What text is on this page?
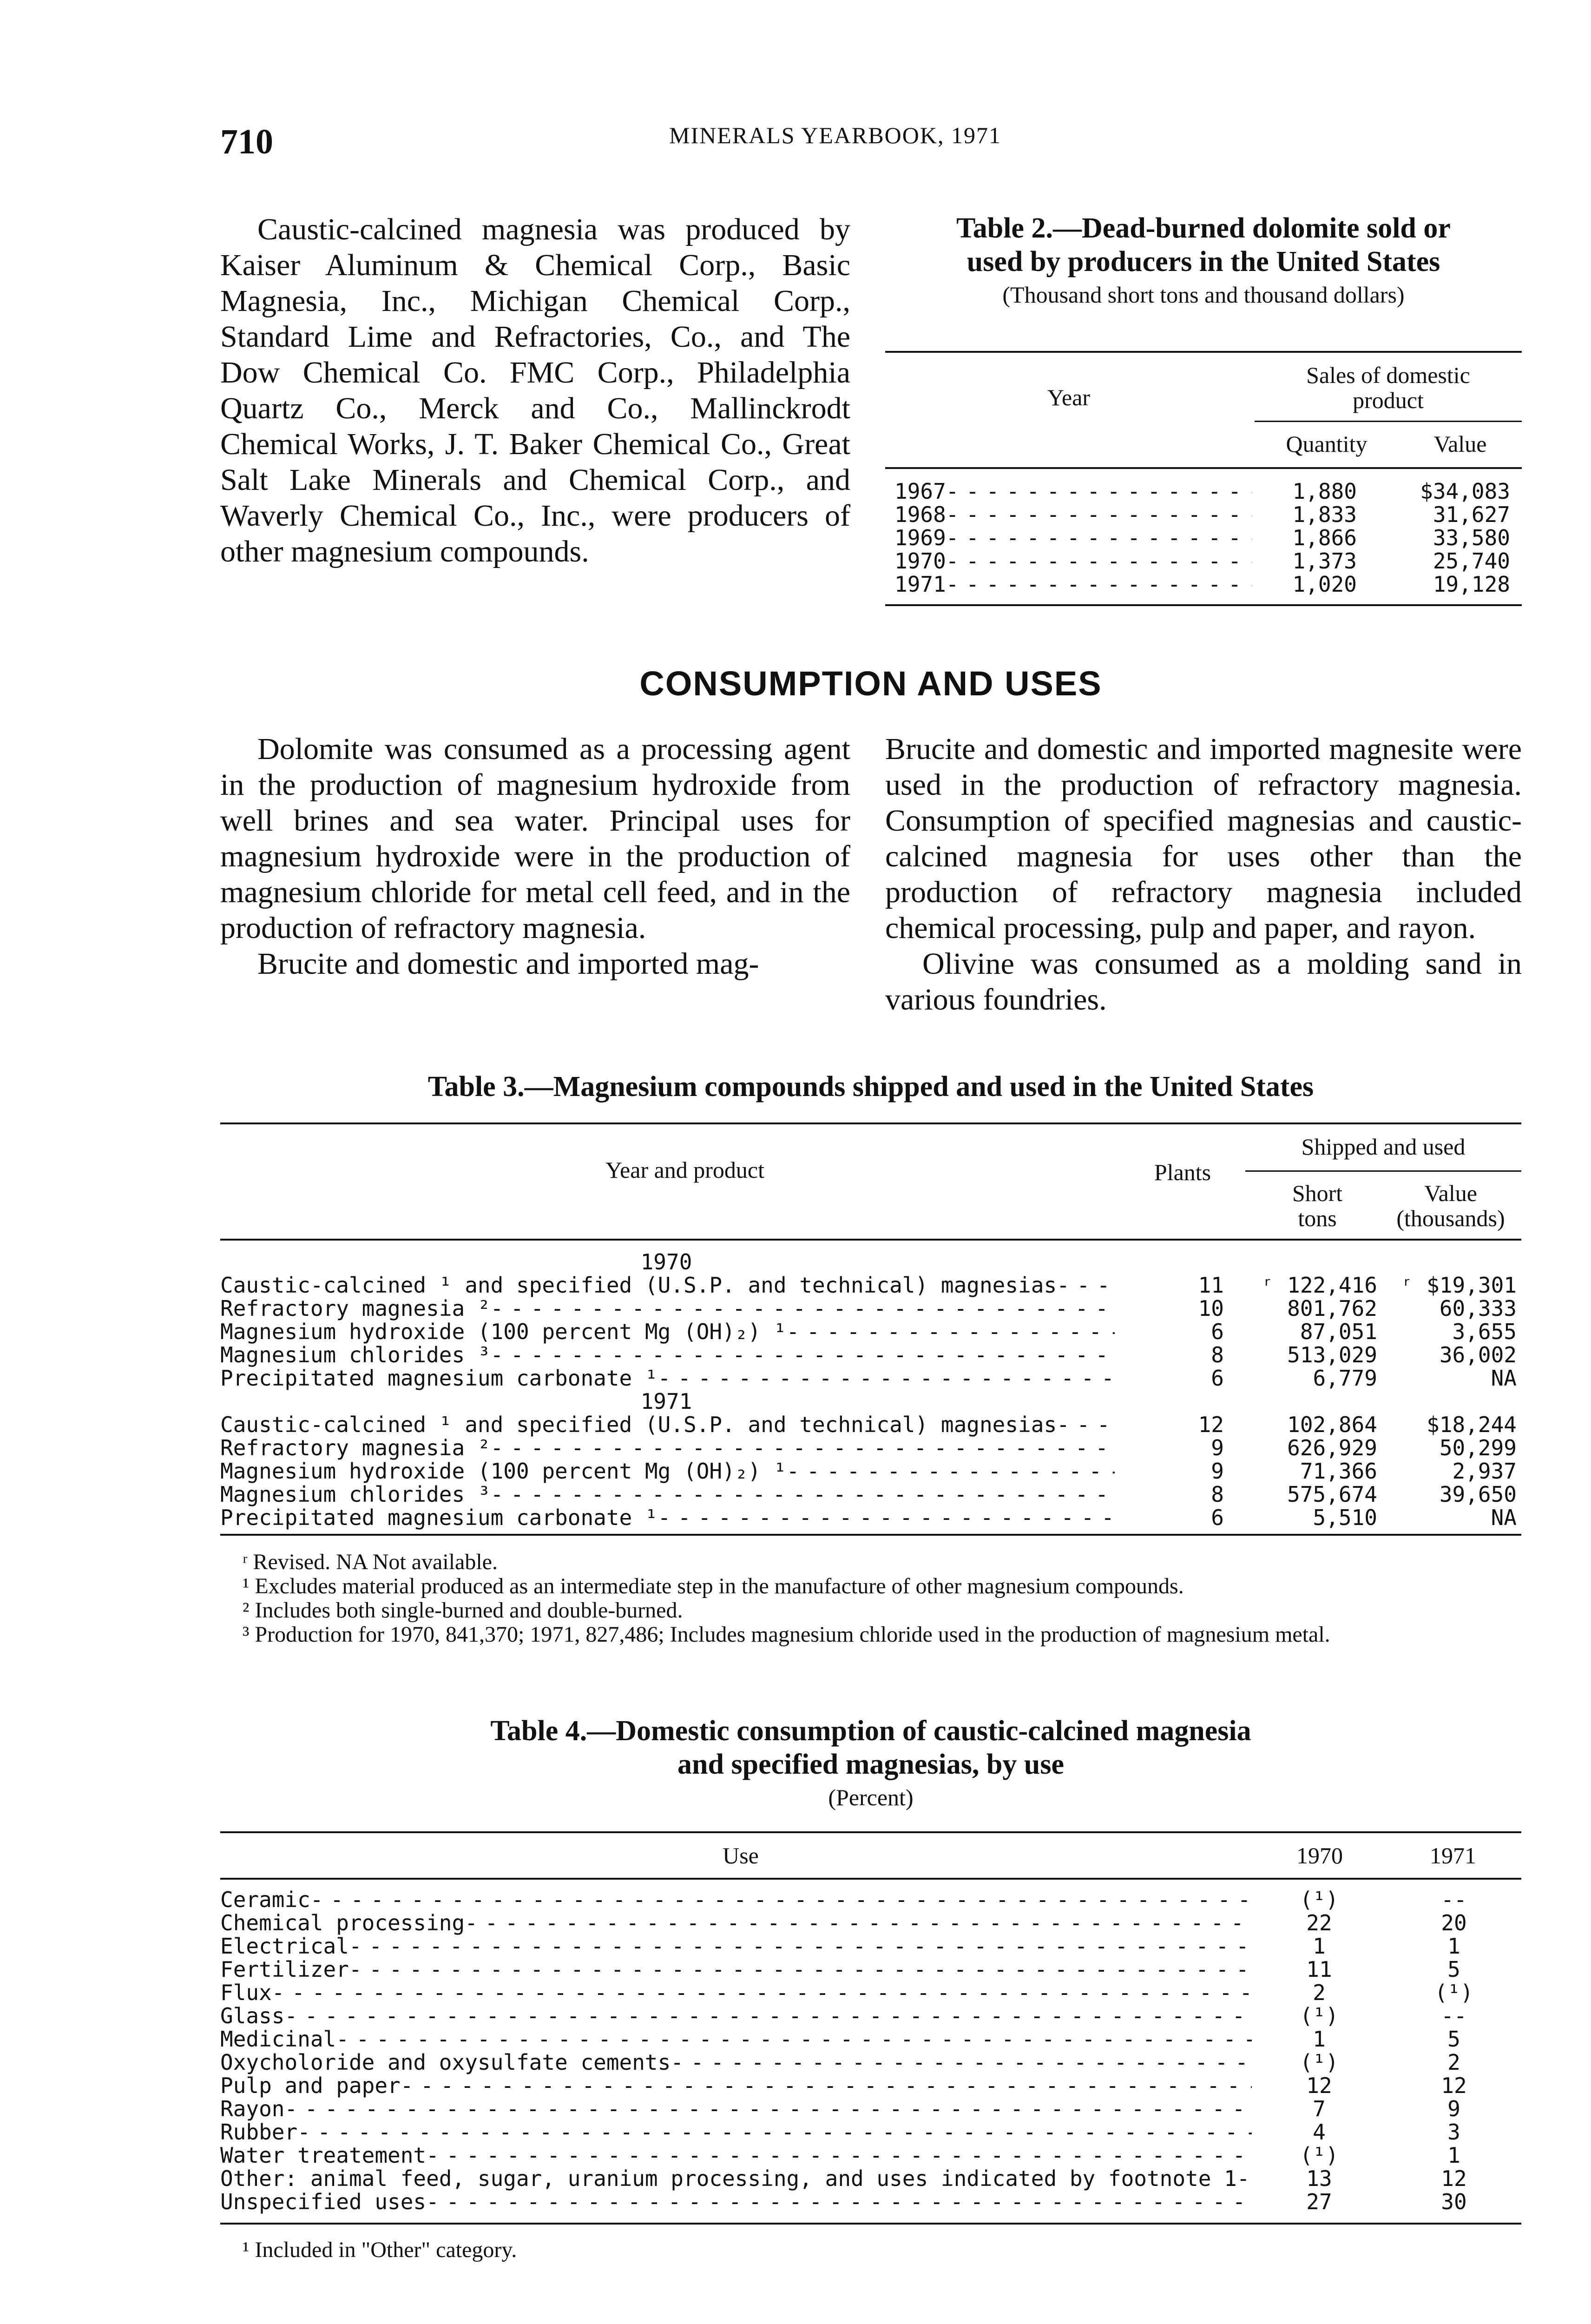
710	MINERALS YEARBOOK, 1971

Caustic-calcined magnesia was produced by Kaiser Aluminum & Chemical Corp., Basic Magnesia, Inc., Michigan Chemical Corp., Standard Lime and Refractories, Co., and The Dow Chemical Co. FMC Corp., Philadelphia Quartz Co., Merck and Co., Mallinckrodt Chemical Works, J. T. Baker Chemical Co., Great Salt Lake Minerals and Chemical Corp., and Waverly Chemical Co., Inc., were producers of other magnesium compounds.

Table 2.—Dead-burned dolomite sold or

used by producers in the United States

(Thousand short tons and thousand dollars)

Year
Sales of domestic
product
Quantity	Value
1967 - - -	1,880	$34,083
1968 - - -	1,833	31,627
1969 - - -	1,866	33,580
1970 - - -	1,373	25,740
1971 - - -	1,020	19,128
CONSUMPTION AND USES

Dolomite was consumed as a processing agent in the production of magnesium hydroxide from well brines and sea water. Principal uses for magnesium hydroxide were in the production of magnesium chloride for metal cell feed, and in the production of refractory magnesia.

Brucite and domestic and imported mag-

Brucite and domestic and imported magnesite were used in the production of refractory magnesia. Consumption of specified magnesias and caustic-calcined magnesia for uses other than the production of refractory magnesia included chemical processing, pulp and paper, and rayon.

Olivine was consumed as a molding sand in various foundries.

Table 3.—Magnesium compounds shipped and used in the United States

Year and product	Plants
Shipped and used
Short
tons
Value
(thousands)
1970
Caustic-calcined ¹ and specified (U.S.P. and technical) magnesias - - -	11	ʳ 122,416	ʳ $19,301
Refractory magnesia ² - - -	10	801,762	60,333
Magnesium hydroxide (100 percent Mg (OH)₂) ¹ - - -	6	87,051	3,655
Magnesium chlorides ³ - - -	8	513,029	36,002
Precipitated magnesium carbonate ¹ - - -	6	6,779	NA
1971
Caustic-calcined ¹ and specified (U.S.P. and technical) magnesias - - -	12	102,864	$18,244
Refractory magnesia ² - - -	9	626,929	50,299
Magnesium hydroxide (100 percent Mg (OH)₂) ¹ - - -	9	71,366	2,937
Magnesium chlorides ³ - - -	8	575,674	39,650
Precipitated magnesium carbonate ¹ - - -	6	5,510	NA

ʳ Revised. NA Not available.

¹ Excludes material produced as an intermediate step in the manufacture of other magnesium compounds.

² Includes both single-burned and double-burned.

³ Production for 1970, 841,370; 1971, 827,486; Includes magnesium chloride used in the production of magnesium metal.

Table 4.—Domestic consumption of caustic-calcined magnesia

and specified magnesias, by use

(Percent)

Use	1970	1971
Ceramic - - -	(¹)	--
Chemical processing - - -	22	20
Electrical - - -	1	1
Fertilizer - - -	11	5
Flux - - -	2	(¹)
Glass - - -	(¹)	--
Medicinal - - -	1	5
Oxycholoride and oxysulfate cements - - -	(¹)	2
Pulp and paper - - -	12	12
Rayon - - -	7	9
Rubber - - -	4	3
Water treatement - - -	(¹)	1
Other: animal feed, sugar, uranium processing, and uses indicated by footnote 1 - - -	13	12
Unspecified uses - - -	27	30

¹ Included in "Other" category.
